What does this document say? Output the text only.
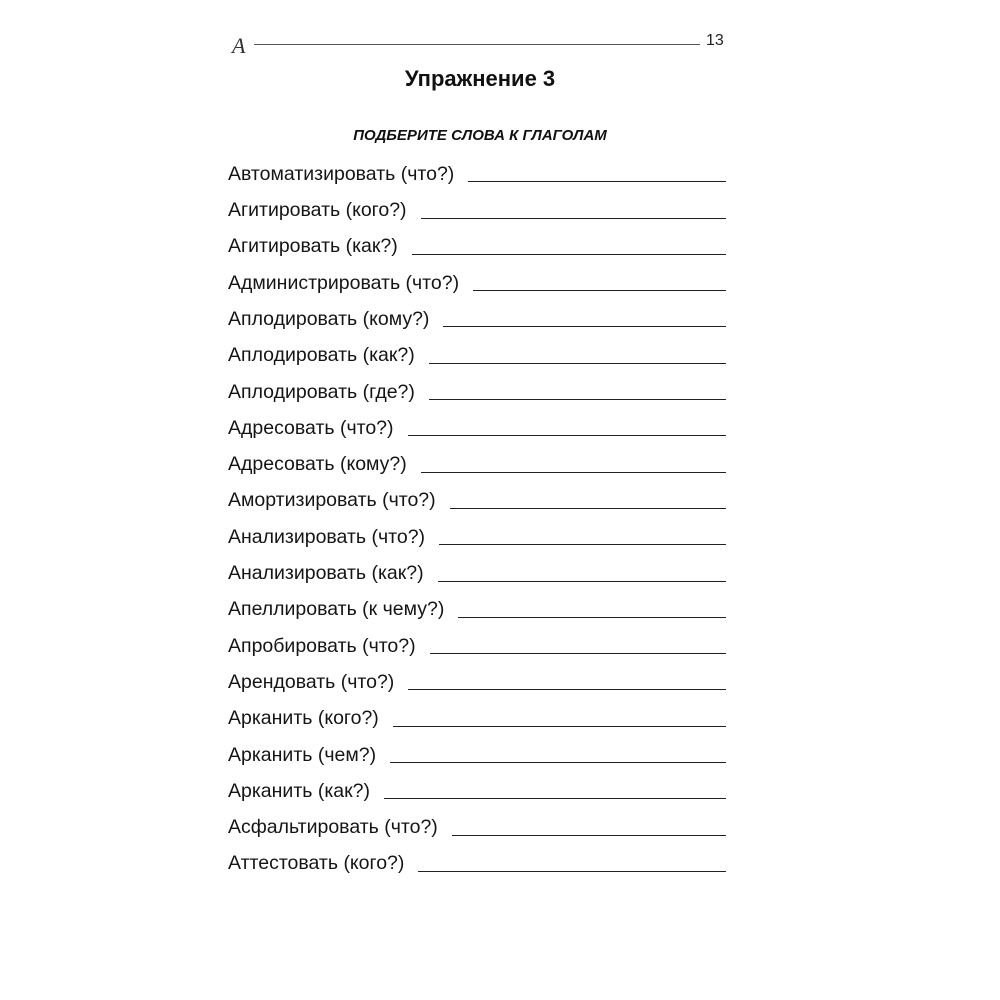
А	13
Упражнение 3
ПОДБЕРИТЕ СЛОВА К ГЛАГОЛАМ
Автоматизировать (что?)
Агитировать (кого?)
Агитировать (как?)
Администрировать (что?)
Аплодировать (кому?)
Аплодировать (как?)
Аплодировать (где?)
Адресовать (что?)
Адресовать (кому?)
Амортизировать (что?)
Анализировать (что?)
Анализировать (как?)
Апеллировать (к чему?)
Апробировать (что?)
Арендовать (что?)
Арканить (кого?)
Арканить (чем?)
Арканить (как?)
Асфальтировать (что?)
Аттестовать (кого?)
